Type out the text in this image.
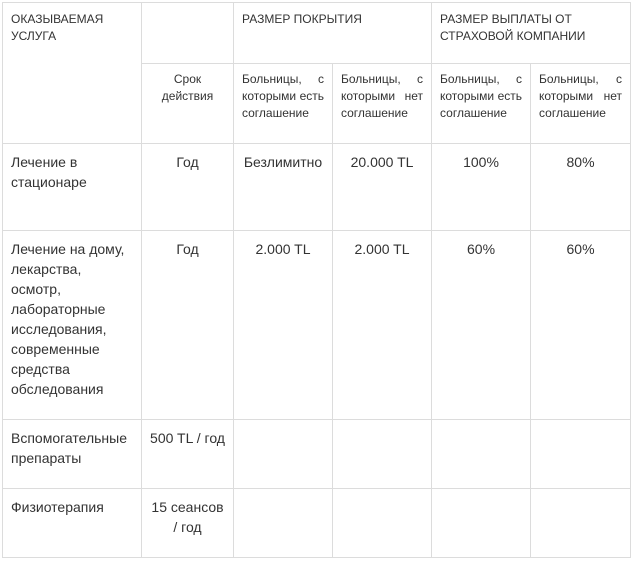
ОКАЗЫВАЕМАЯ УСЛУГА		РАЗМЕР ПОКРЫТИЯ		РАЗМЕР ВЫПЛАТЫ ОТ СТРАХОВОЙ КОМПАНИИ	
	Срок действия	Больницы, с которыми есть соглашение	Больницы, с которыми нет соглашение	Больницы, с которыми есть соглашение	Больницы, с которыми нет соглашение
Лечение в стационаре	Год	Безлимитно	20.000 TL	100%	80%
Лечение на дому, лекарства, осмотр, лабораторные исследования, современные средства обследования	Год	2.000 TL	2.000 TL	60%	60%
Вспомогательные препараты	500 TL / год				
Физиотерапия	15 сеансов / год				
